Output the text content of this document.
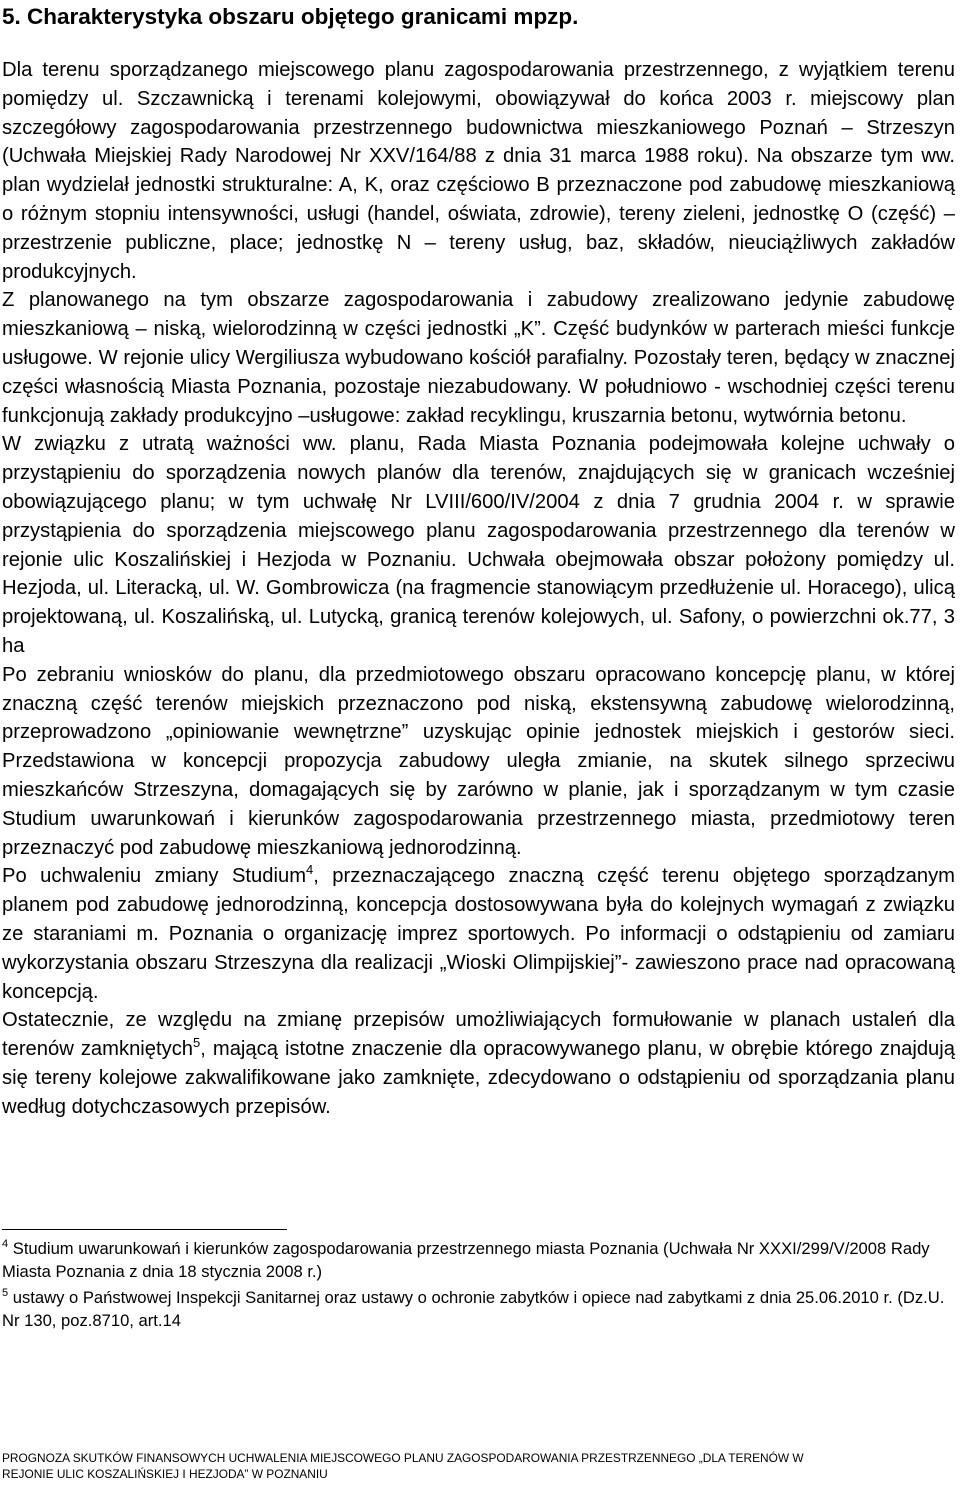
5. Charakterystyka obszaru objętego granicami mpzp.

Dla terenu sporządzanego miejscowego planu zagospodarowania przestrzennego, z wyjątkiem terenu pomiędzy ul. Szczawnicką i terenami kolejowymi, obowiązywał do końca 2003 r. miejscowy plan szczegółowy zagospodarowania przestrzennego budownictwa mieszkaniowego Poznań – Strzeszyn (Uchwała Miejskiej Rady Narodowej Nr XXV/164/88 z dnia 31 marca 1988 roku). Na obszarze tym ww. plan wydzielał jednostki strukturalne: A, K, oraz częściowo B przeznaczone pod zabudowę mieszkaniową o różnym stopniu intensywności, usługi (handel, oświata, zdrowie), tereny zieleni, jednostkę O (część) – przestrzenie publiczne, place; jednostkę N – tereny usług, baz, składów, nieuciążliwych zakładów produkcyjnych.

Z planowanego na tym obszarze zagospodarowania i zabudowy zrealizowano jedynie zabudowę mieszkaniową – niską, wielorodzinną w części jednostki „K”. Część budynków w parterach mieści funkcje usługowe. W rejonie ulicy Wergiliusza wybudowano kościół parafialny. Pozostały teren, będący w znacznej części własnością Miasta Poznania, pozostaje niezabudowany. W południowo - wschodniej części terenu funkcjonują zakłady produkcyjno –usługowe: zakład recyklingu, kruszarnia betonu, wytwórnia betonu.

W związku z utratą ważności ww. planu, Rada Miasta Poznania podejmowała kolejne uchwały o przystąpieniu do sporządzenia nowych planów dla terenów, znajdujących się w granicach wcześniej obowiązującego planu; w tym uchwałę Nr LVIII/600/IV/2004 z dnia 7 grudnia 2004 r. w sprawie przystąpienia do sporządzenia miejscowego planu zagospodarowania przestrzennego dla terenów w rejonie ulic Koszalińskiej i Hezjoda w Poznaniu. Uchwała obejmowała obszar położony pomiędzy ul. Hezjoda, ul. Literacką, ul. W. Gombrowicza (na fragmencie stanowiącym przedłużenie ul. Horacego), ulicą projektowaną, ul. Koszalińską, ul. Lutycką, granicą terenów kolejowych, ul. Safony, o powierzchni ok.77, 3 ha

Po zebraniu wniosków do planu, dla przedmiotowego obszaru opracowano koncepcję planu, w której znaczną część terenów miejskich przeznaczono pod niską, ekstensywną zabudowę wielorodzinną, przeprowadzono „opiniowanie wewnętrzne” uzyskując opinie jednostek miejskich i gestorów sieci. Przedstawiona w koncepcji propozycja zabudowy uległa zmianie, na skutek silnego sprzeciwu mieszkańców Strzeszyna, domagających się by zarówno w planie, jak i sporządzanym w tym czasie Studium uwarunkowań i kierunków zagospodarowania przestrzennego miasta, przedmiotowy teren przeznaczyć pod zabudowę mieszkaniową jednorodzinną.

Po uchwaleniu zmiany Studium$^4$, przeznaczającego znaczną część terenu objętego sporządzanym planem pod zabudowę jednorodzinną, koncepcja dostosowywana była do kolejnych wymagań z związku ze staraniami m. Poznania o organizację imprez sportowych. Po informacji o odstąpieniu od zamiaru wykorzystania obszaru Strzeszyna dla realizacji „Wioski Olimpijskiej”- zawieszono prace nad opracowaną koncepcją.

Ostatecznie, ze względu na zmianę przepisów umożliwiających formułowanie w planach ustaleń dla terenów zamkniętych$^5$, mającą istotne znaczenie dla opracowywanego planu, w obrębie którego znajdują się tereny kolejowe zakwalifikowane jako zamknięte, zdecydowano o odstąpieniu od sporządzania planu według dotychczasowych przepisów.

$^4$ Studium uwarunkowań i kierunków zagospodarowania przestrzennego miasta Poznania (Uchwała Nr XXXI/299/V/2008 Rady Miasta Poznania z dnia 18 stycznia 2008 r.)

$^5$ ustawy o Państwowej Inspekcji Sanitarnej oraz ustawy o ochronie zabytków i opiece nad zabytkami z dnia 25.06.2010 r. (Dz.U. Nr 130, poz.8710, art.14

PROGNOZA SKUTKÓW FINANSOWYCH UCHWALENIA MIEJSCOWEGO PLANU ZAGOSPODAROWANIA PRZESTRZENNEGO „DLA TERENÓW W
REJONIE ULIC KOSZALIŃSKIEJ I HEZJODA” W POZNANIU
